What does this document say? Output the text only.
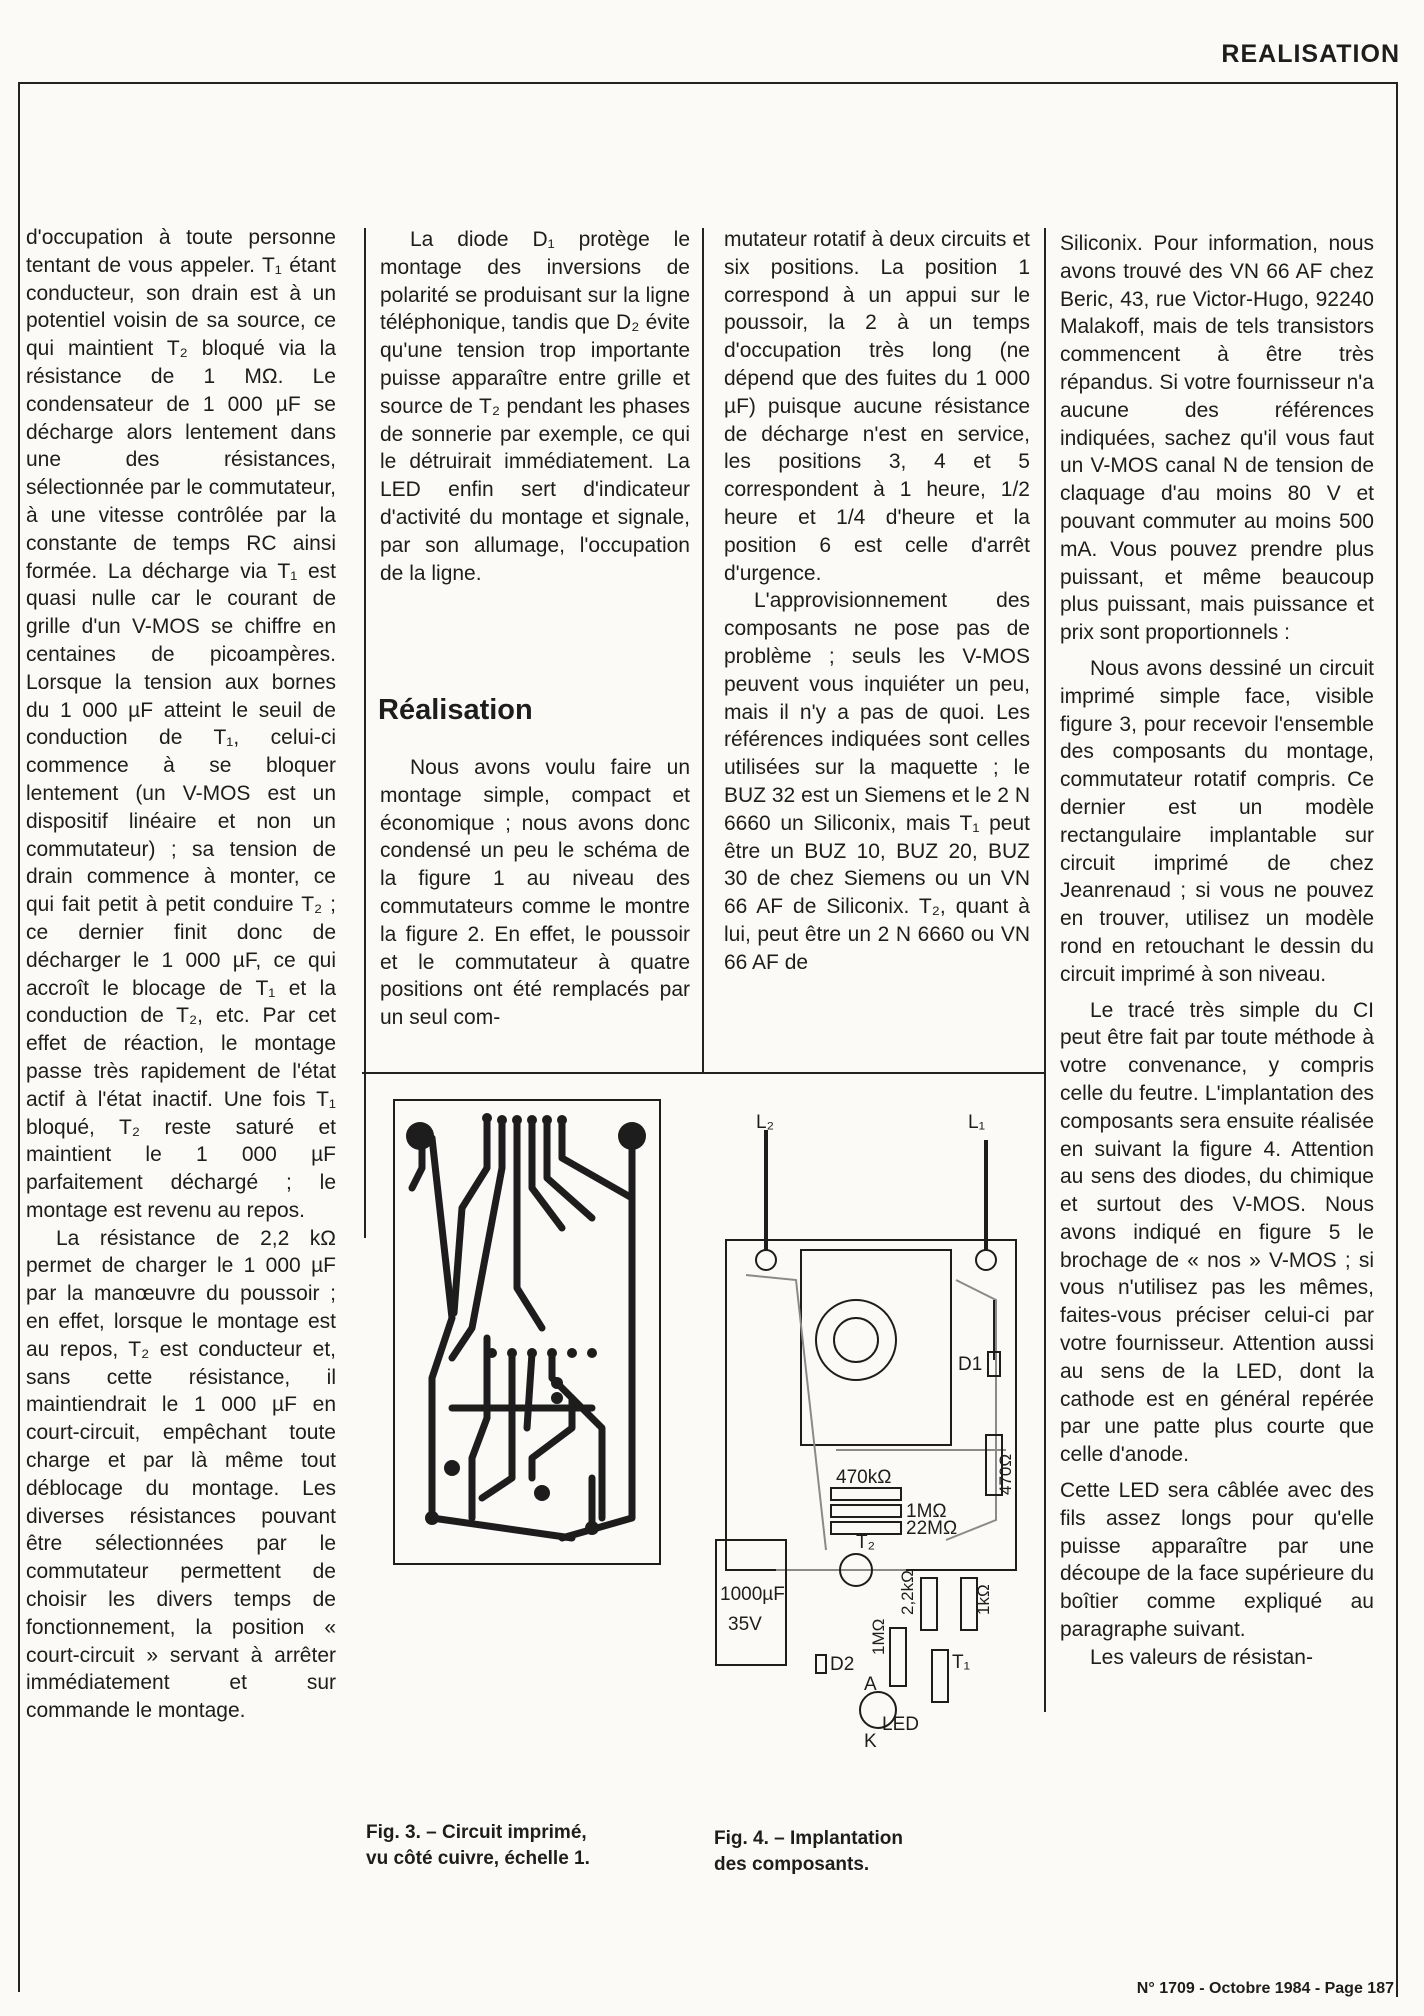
REALISATION

d'occupation à toute personne tentant de vous appeler. T₁ étant conducteur, son drain est à un potentiel voisin de sa source, ce qui maintient T₂ bloqué via la résistance de 1 MΩ. Le condensateur de 1 000 µF se décharge alors lentement dans une des résistances, sélectionnée par le commutateur, à une vitesse contrôlée par la constante de temps RC ainsi formée. La décharge via T₁ est quasi nulle car le courant de grille d'un V-MOS se chiffre en centaines de picoampères. Lorsque la tension aux bornes du 1 000 µF atteint le seuil de conduction de T₁, celui-ci commence à se bloquer lentement (un V-MOS est un dispositif linéaire et non un commutateur) ; sa tension de drain commence à monter, ce qui fait petit à petit conduire T₂ ; ce dernier finit donc de décharger le 1 000 µF, ce qui accroît le blocage de T₁ et la conduction de T₂, etc. Par cet effet de réaction, le montage passe très rapidement de l'état actif à l'état inactif. Une fois T₁ bloqué, T₂ reste saturé et maintient le 1 000 µF parfaitement déchargé ; le montage est revenu au repos.

La résistance de 2,2 kΩ permet de charger le 1 000 µF par la manœuvre du poussoir ; en effet, lorsque le montage est au repos, T₂ est conducteur et, sans cette résistance, il maintiendrait le 1 000 µF en court-circuit, empêchant toute charge et par là même tout déblocage du montage. Les diverses résistances pouvant être sélectionnées par le commutateur permettent de choisir les divers temps de fonctionnement, la position « court-circuit » servant à arrêter immédiatement et sur commande le montage.

La diode D₁ protège le montage des inversions de polarité se produisant sur la ligne téléphonique, tandis que D₂ évite qu'une tension trop importante puisse apparaître entre grille et source de T₂ pendant les phases de sonnerie par exemple, ce qui le détruirait immédiatement. La LED enfin sert d'indicateur d'activité du montage et signale, par son allumage, l'occupation de la ligne.

Réalisation

Nous avons voulu faire un montage simple, compact et économique ; nous avons donc condensé un peu le schéma de la figure 1 au niveau des commutateurs comme le montre la figure 2. En effet, le poussoir et le commutateur à quatre positions ont été remplacés par un seul com-

mutateur rotatif à deux circuits et six positions. La position 1 correspond à un appui sur le poussoir, la 2 à un temps d'occupation très long (ne dépend que des fuites du 1 000 µF) puisque aucune résistance de décharge n'est en service, les positions 3, 4 et 5 correspondent à 1 heure, 1/2 heure et 1/4 d'heure et la position 6 est celle d'arrêt d'urgence.

L'approvisionnement des composants ne pose pas de problème ; seuls les V-MOS peuvent vous inquiéter un peu, mais il n'y a pas de quoi. Les références indiquées sont celles utilisées sur la maquette ; le BUZ 32 est un Siemens et le 2 N 6660 un Siliconix, mais T₁ peut être un BUZ 10, BUZ 20, BUZ 30 de chez Siemens ou un VN 66 AF de Siliconix. T₂, quant à lui, peut être un 2 N 6660 ou VN 66 AF de

Siliconix. Pour information, nous avons trouvé des VN 66 AF chez Beric, 43, rue Victor-Hugo, 92240 Malakoff, mais de tels transistors commencent à être très répandus. Si votre fournisseur n'a aucune des références indiquées, sachez qu'il vous faut un V-MOS canal N de tension de claquage d'au moins 80 V et pouvant commuter au moins 500 mA. Vous pouvez prendre plus puissant, et même beaucoup plus puissant, mais puissance et prix sont proportionnels :

Nous avons dessiné un circuit imprimé simple face, visible figure 3, pour recevoir l'ensemble des composants du montage, commutateur rotatif compris. Ce dernier est un modèle rectangulaire implantable sur circuit imprimé de chez Jeanrenaud ; si vous ne pouvez en trouver, utilisez un modèle rond en retouchant le dessin du circuit imprimé à son niveau.

Le tracé très simple du CI peut être fait par toute méthode à votre convenance, y compris celle du feutre. L'implantation des composants sera ensuite réalisée en suivant la figure 4. Attention au sens des diodes, du chimique et surtout des V-MOS. Nous avons indiqué en figure 5 le brochage de « nos » V-MOS ; si vous n'utilisez pas les mêmes, faites-vous préciser celui-ci par votre fournisseur. Attention aussi au sens de la LED, dont la cathode est en général repérée par une patte plus courte que celle d'anode.

Cette LED sera câblée avec des fils assez longs pour qu'elle puisse apparaître par une découpe de la face supérieure du boîtier comme expliqué au paragraphe suivant.

Les valeurs de résistan-

L₂	L₁
D1
470Ω
470kΩ
1MΩ
22MΩ
T₂
2,2kΩ	1kΩ
1000µF
35V
D2
1MΩ
T₁
A
LED
K
Fig. 3. – Circuit imprimé,
vu côté cuivre, échelle 1.
Fig. 4. – Implantation
des composants.
N° 1709 - Octobre 1984 - Page 187
